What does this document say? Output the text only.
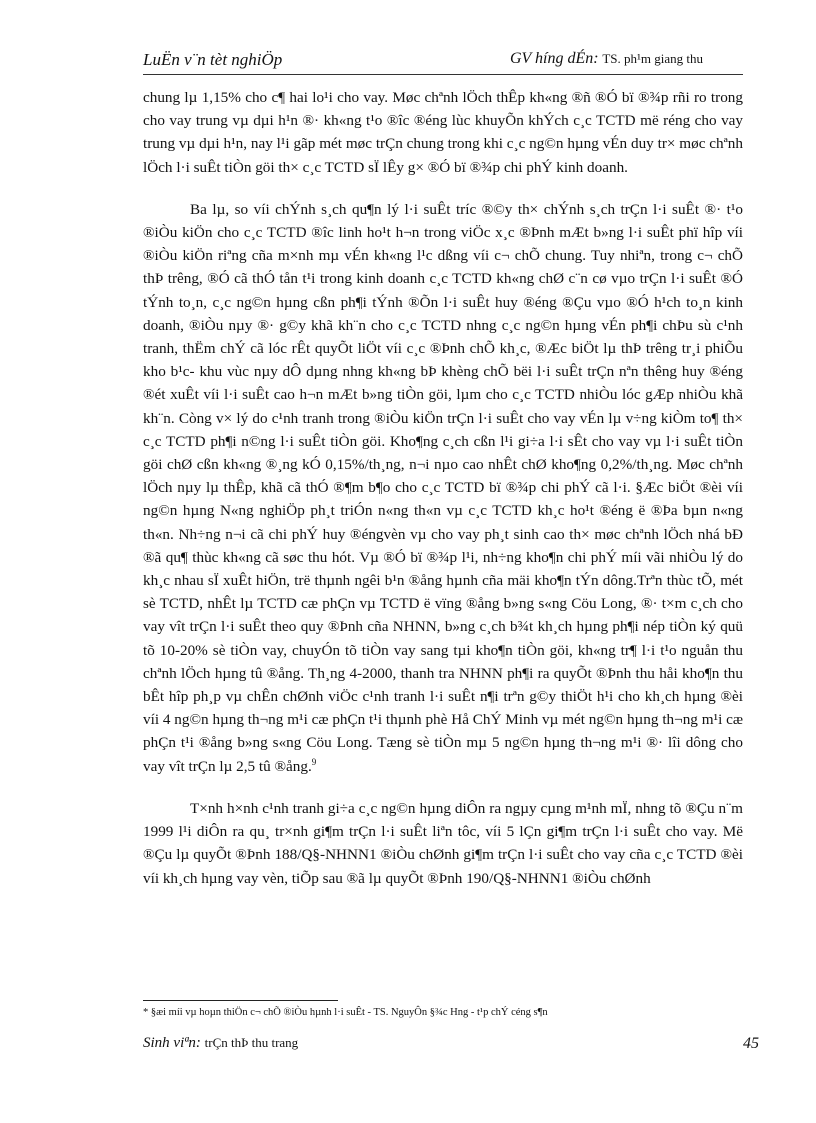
LuËn v¨n tèt nghiÖp	GV híng dÉn: TS. ph¹m giang thu

chung lµ 1,15% cho c¶ hai lo¹i cho vay. Møc chªnh lÖch thÊp kh«ng ®ñ ®Ó bï ®¾p rñi ro trong cho vay trung vµ dµi h¹n ®· kh«ng t¹o ®îc ®éng lùc khuyÕn khÝch c¸c TCTD më réng cho vay trung vµ dµi h¹n, nay l¹i gãp mét møc trÇn chung trong khi c¸c ng©n hµng vÉn duy tr× møc chªnh lÖch l·i suÊt tiÒn göi th× c¸c TCTD sÏ lÊy g× ®Ó bï ®¾p chi phÝ kinh doanh.

Ba lµ, so víi chÝnh s¸ch qu¶n lý l·i suÊt tríc ®©y th× chÝnh s¸ch trÇn l·i suÊt ®· t¹o ®iÒu kiÖn cho c¸c TCTD ®îc linh ho¹t h¬n trong viÖc x¸c ®Þnh mÆt b»ng l·i suÊt phï hîp víi ®iÒu kiÖn riªng cña m×nh mµ vÉn kh«ng l¹c dßng víi c¬ chÕ chung. Tuy nhiªn, trong c¬ chÕ thÞ trêng, ®Ó cã thÓ tån t¹i trong kinh doanh c¸c TCTD kh«ng chØ c¨n cø vµo trÇn l·i suÊt ®Ó tÝnh to¸n, c¸c ng©n hµng cßn ph¶i tÝnh ®Õn l·i suÊt huy ®éng ®Çu vµo ®Ó h¹ch to¸n kinh doanh, ®iÒu nµy ®· g©y khã kh¨n cho c¸c TCTD nhng c¸c ng©n hµng vÉn ph¶i chÞu sù c¹nh tranh, thËm chÝ cã lóc rÊt quyÕt liÖt víi c¸c ®Þnh chÕ kh¸c, ®Æc biÖt lµ thÞ trêng tr¸i phiÕu kho b¹c- khu vùc nµy dÔ dµng nhng kh«ng bÞ khèng chÕ bëi l·i suÊt trÇn nªn thêng huy ®éng ®ét xuÊt víi l·i suÊt cao h¬n mÆt b»ng tiÒn göi, lµm cho c¸c TCTD nhiÒu lóc gÆp nhiÒu khã kh¨n. Còng v× lý do c¹nh tranh trong ®iÒu kiÖn trÇn l·i suÊt cho vay vÉn lµ v÷ng kiÒm to¶ th× c¸c TCTD ph¶i n©ng l·i suÊt tiÒn göi. Kho¶ng c¸ch cßn l¹i gi÷a l·i sÊt cho vay vµ l·i suÊt tiÒn göi chØ cßn kh«ng ®¸ng kÓ 0,15%/th¸ng, n¬i nµo cao nhÊt chØ kho¶ng 0,2%/th¸ng. Møc chªnh lÖch nµy lµ thÊp, khã cã thÓ ®¶m b¶o cho c¸c TCTD bï ®¾p chi phÝ cã l·i. §Æc biÖt ®èi víi ng©n hµng N«ng nghiÖp ph¸t triÓn n«ng th«n vµ c¸c TCTD kh¸c ho¹t ®éng ë ®Þa bµn n«ng th«n. Nh÷ng n¬i cã chi phÝ huy ®éngvèn vµ cho vay ph¸t sinh cao th× møc chªnh lÖch nhá bÐ ®ã qu¶ thùc kh«ng cã søc thu hót. Vµ ®Ó bï ®¾p l¹i, nh÷ng kho¶n chi phÝ míi vãi nhiÒu lý do kh¸c nhau sÏ xuÊt hiÖn, trë thµnh ngêi b¹n ®ång hµnh cña mäi kho¶n tÝn dông.Trªn thùc tÕ, mét sè TCTD, nhÊt lµ TCTD cæ phÇn vµ TCTD ë vïng ®ång b»ng s«ng Cöu Long, ®· t×m c¸ch cho vay vît trÇn l·i suÊt theo quy ®Þnh cña NHNN, b»ng c¸ch b¾t kh¸ch hµng ph¶i nép tiÒn ký quü tõ 10-20% sè tiÒn vay, chuyÓn tõ tiÒn vay sang tµi kho¶n tiÒn göi, kh«ng tr¶ l·i t¹o nguån thu chªnh lÖch hµng tû ®ång. Th¸ng 4-2000, thanh tra NHNN ph¶i ra quyÕt ®Þnh thu håi kho¶n thu bÊt hîp ph¸p vµ chÊn chØnh viÖc c¹nh tranh l·i suÊt n¶i trªn g©y thiÖt h¹i cho kh¸ch hµng ®èi víi 4 ng©n hµng th¬ng m¹i cæ phÇn t¹i thµnh phè Hå ChÝ Minh vµ mét ng©n hµng th¬ng m¹i cæ phÇn t¹i ®ång b»ng s«ng Cöu Long. Tæng sè tiÒn mµ 5 ng©n hµng th¬ng m¹i ®· lîi dông cho vay vît trÇn lµ 2,5 tû ®ång.$^9$

T×nh h×nh c¹nh tranh gi÷a c¸c ng©n hµng diÔn ra ngµy cµng m¹nh mÏ, nhng tõ ®Çu n¨m 1999 l¹i diÔn ra qu¸ tr×nh gi¶m trÇn l·i suÊt liªn tôc, víi 5 lÇn gi¶m trÇn l·i suÊt cho vay. Më ®Çu lµ quyÕt ®Þnh 188/Q§-NHNN1 ®iÒu chØnh gi¶m trÇn l·i suÊt cho vay cña c¸c TCTD ®èi víi kh¸ch hµng vay vèn, tiÕp sau ®ã lµ quyÕt ®Þnh 190/Q§-NHNN1 ®iÒu chØnh

* §æi míi vµ hoµn thiÖn c¬ chÕ ®iÒu hµnh l·i suÊt - TS. NguyÔn §¾c Hng - t¹p chÝ céng s¶n
Sinh viªn: trÇn thÞ thu trang	45
